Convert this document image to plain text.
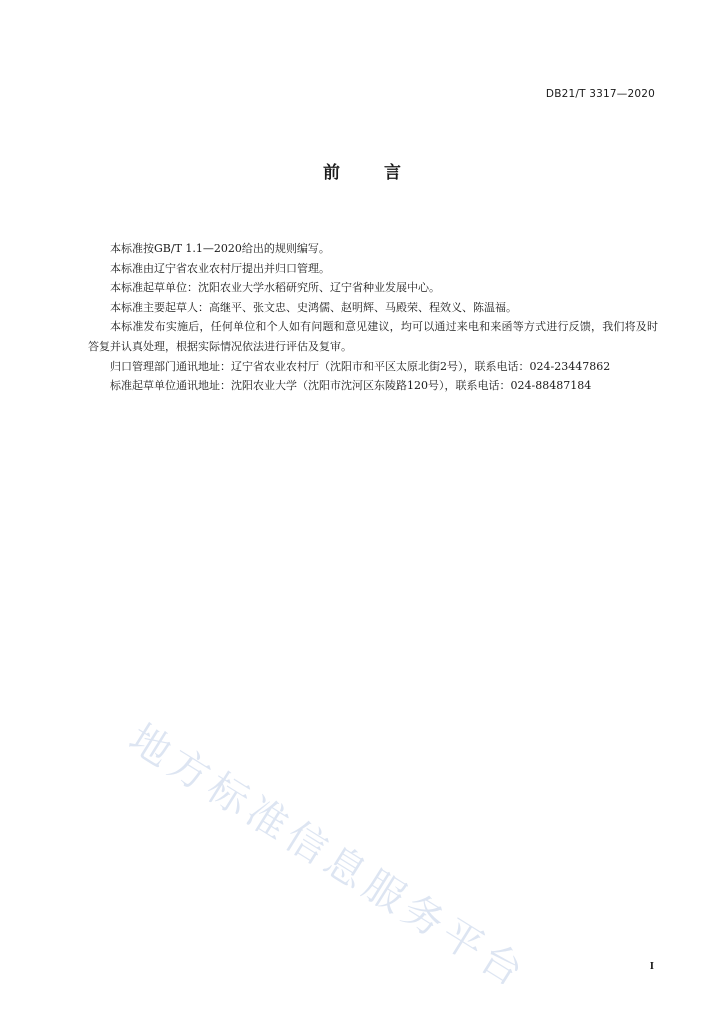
DB21/T 3317—2020
前	言

本标准按GB/T 1.1—2020给出的规则编写。

本标准由辽宁省农业农村厅提出并归口管理。

本标准起草单位：沈阳农业大学水稻研究所、辽宁省种业发展中心。

本标准主要起草人：高继平、张文忠、史鸿儒、赵明辉、马殿荣、程效义、陈温福。

本标准发布实施后，任何单位和个人如有问题和意见建议，均可以通过来电和来函等方式进行反馈，我们将及时答复并认真处理，根据实际情况依法进行评估及复审。

归口管理部门通讯地址：辽宁省农业农村厅（沈阳市和平区太原北街2号），联系电话：024-23447862

标准起草单位通讯地址：沈阳农业大学（沈阳市沈河区东陵路120号），联系电话：024-88487184

地方标准信息服务平台	I
